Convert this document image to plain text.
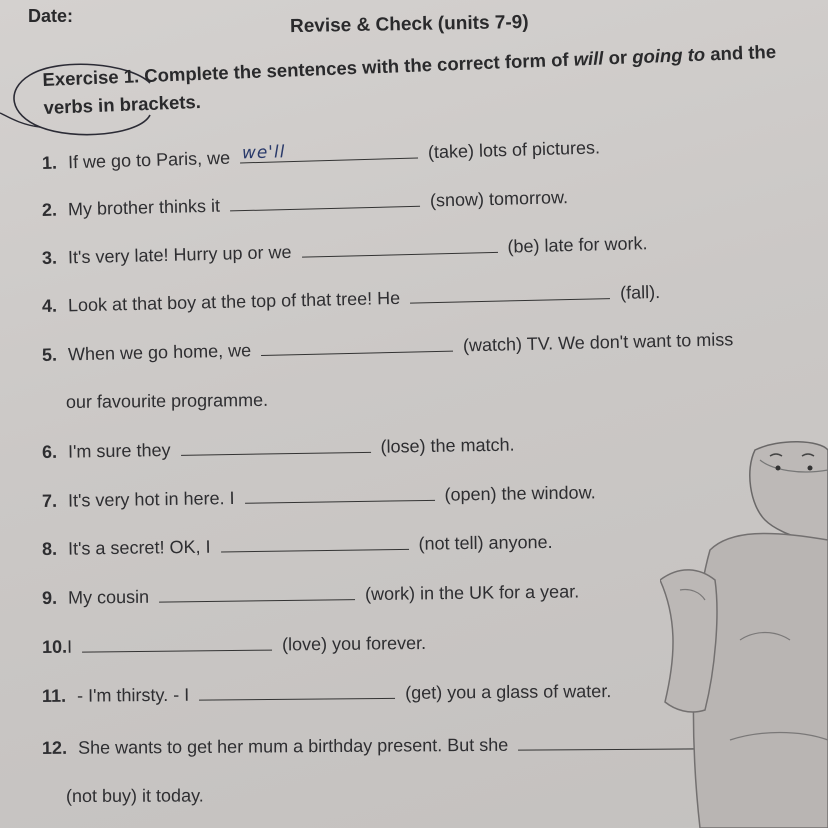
Date:	Revise & Check (units 7-9)
Exercise 1. Complete the sentences with the correct form of will or going to and the verbs in brackets.
1. If we go to Paris, we we'll	(take) lots of pictures.
2. My brother thinks it	(snow) tomorrow.
3. It's very late! Hurry up or we	(be) late for work.
4. Look at that boy at the top of that tree! He	(fall).
5. When we go home, we	(watch) TV. We don't want to miss
our favourite programme.
6. I'm sure they	(lose) the match.
7. It's very hot in here. I	(open) the window.
8. It's a secret! OK, I	(not tell) anyone.
9. My cousin	(work) in the UK for a year.
10.I	(love) you forever.
11. - I'm thirsty. - I	(get) you a glass of water.
12. She wants to get her mum a birthday present. But she
(not buy) it today.
